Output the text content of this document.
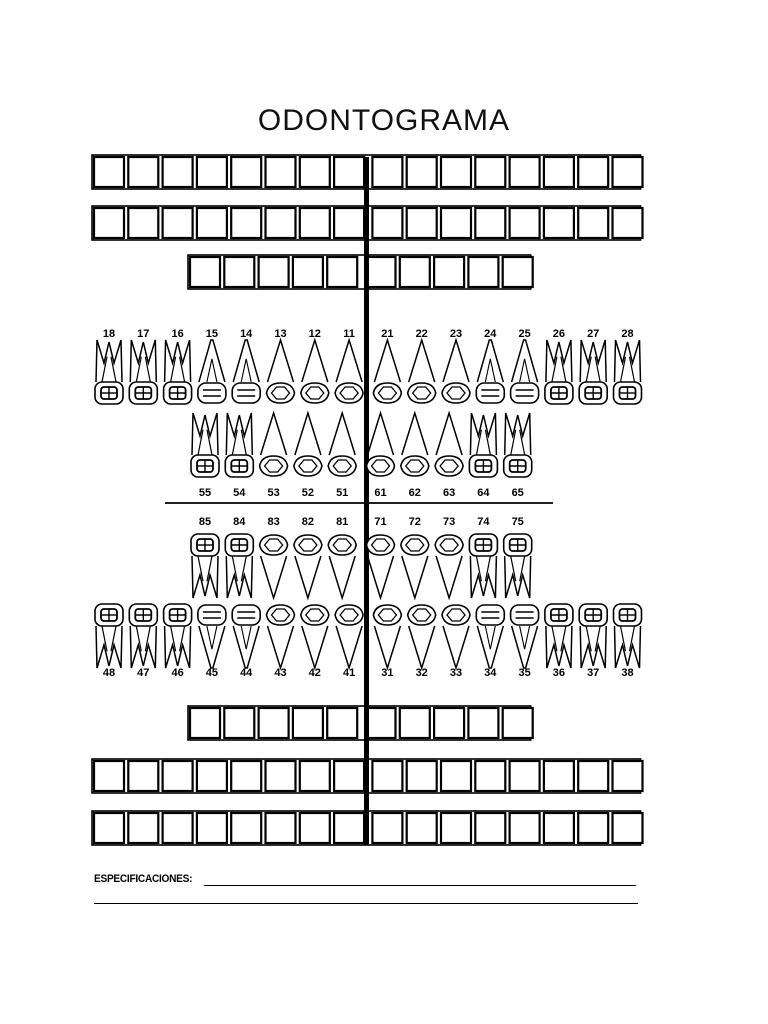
ODONTOGRAMA
18 17 16 15 14 13 12 11 21 22 23 24 25 26 27 28
55 54 53 52 51 61 62 63 64 65
85 84 83 82 81 71 72 73 74 75
48 47 46 45 44 43 42 41 31 32 33 34 35 36 37 38
ESPECIFICACIONES:
